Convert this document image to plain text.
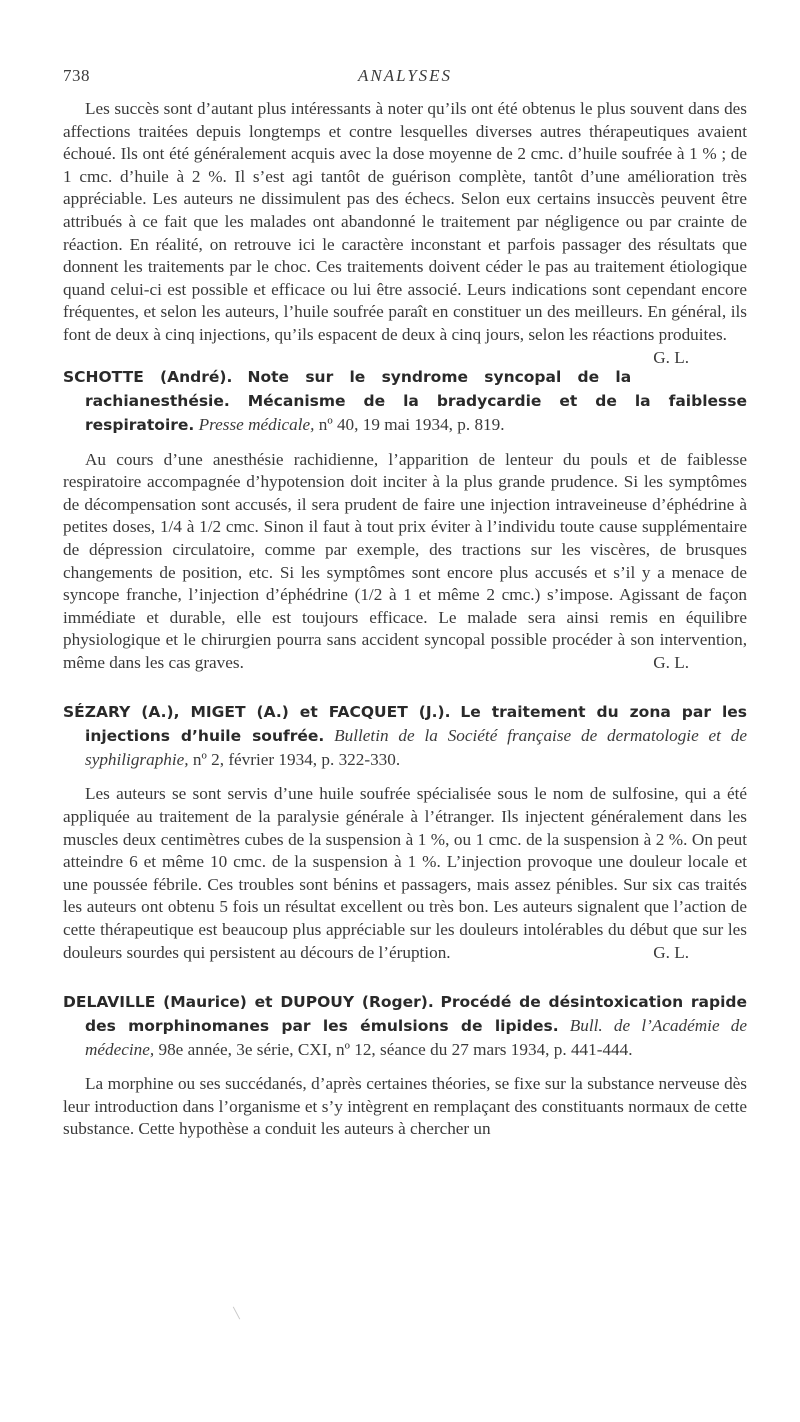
738	ANALYSES

Les succès sont d’autant plus intéressants à noter qu’ils ont été obtenus le plus souvent dans des affections traitées depuis longtemps et contre lesquelles diverses autres thérapeutiques avaient échoué. Ils ont été généralement acquis avec la dose moyenne de 2 cmc. d’huile soufrée à 1 % ; de 1 cmc. d’huile à 2 %. Il s’est agi tantôt de guérison complète, tantôt d’une amélioration très appréciable. Les auteurs ne dissimulent pas des échecs. Selon eux certains insuccès peuvent être attribués à ce fait que les malades ont abandonné le traitement par négligence ou par crainte de réaction. En réalité, on retrouve ici le caractère inconstant et parfois passager des résultats que donnent les traitements par le choc. Ces traitements doivent céder le pas au traitement étiologique quand celui-ci est possible et efficace ou lui être associé. Leurs indications sont cependant encore fréquentes, et selon les auteurs, l’huile soufrée paraît en constituer un des meilleurs. En général, ils font de deux à cinq injections, qu’ils espacent de deux à cinq jours, selon les réactions produites.
G. L.

SCHOTTE (André). Note sur le syndrome syncopal de la rachianesthésie. Mécanisme de la bradycardie et de la faiblesse respiratoire. Presse médicale, nº 40, 19 mai 1934, p. 819.

Au cours d’une anesthésie rachidienne, l’apparition de lenteur du pouls et de faiblesse respiratoire accompagnée d’hypotension doit inciter à la plus grande prudence. Si les symptômes de décompensation sont accusés, il sera prudent de faire une injection intraveineuse d’éphédrine à petites doses, 1/4 à 1/2 cmc. Sinon il faut à tout prix éviter à l’individu toute cause supplémentaire de dépression circulatoire, comme par exemple, des tractions sur les viscères, de brusques changements de position, etc. Si les symptômes sont encore plus accusés et s’il y a menace de syncope franche, l’injection d’éphédrine (1/2 à 1 et même 2 cmc.) s’impose. Agissant de façon immédiate et durable, elle est toujours efficace. Le malade sera ainsi remis en équilibre physiologique et le chirurgien pourra sans accident syncopal possible procéder à son intervention, même dans les cas graves.	G. L.

SÉZARY (A.), MIGET (A.) et FACQUET (J.). Le traitement du zona par les injections d’huile soufrée. Bulletin de la Société française de dermatologie et de syphiligraphie, nº 2, février 1934, p. 322-330.

Les auteurs se sont servis d’une huile soufrée spécialisée sous le nom de sulfosine, qui a été appliquée au traitement de la paralysie générale à l’étranger. Ils injectent généralement dans les muscles deux centimètres cubes de la suspension à 1 %, ou 1 cmc. de la suspension à 2 %. On peut atteindre 6 et même 10 cmc. de la suspension à 1 %. L’injection provoque une douleur locale et une poussée fébrile. Ces troubles sont bénins et passagers, mais assez pénibles. Sur six cas traités les auteurs ont obtenu 5 fois un résultat excellent ou très bon. Les auteurs signalent que l’action de cette thérapeutique est beaucoup plus appréciable sur les douleurs intolérables du début que sur les douleurs sourdes qui persistent au décours de l’éruption.	G. L.

DELAVILLE (Maurice) et DUPOUY (Roger). Procédé de désintoxication rapide des morphinomanes par les émulsions de lipides. Bull. de l’Académie de médecine, 98e année, 3e série, CXI, nº 12, séance du 27 mars 1934, p. 441-444.

La morphine ou ses succédanés, d’après certaines théories, se fixe sur la substance nerveuse dès leur introduction dans l’organisme et s’y intègrent en remplaçant des constituants normaux de cette substance. Cette hypothèse a conduit les auteurs à chercher un
